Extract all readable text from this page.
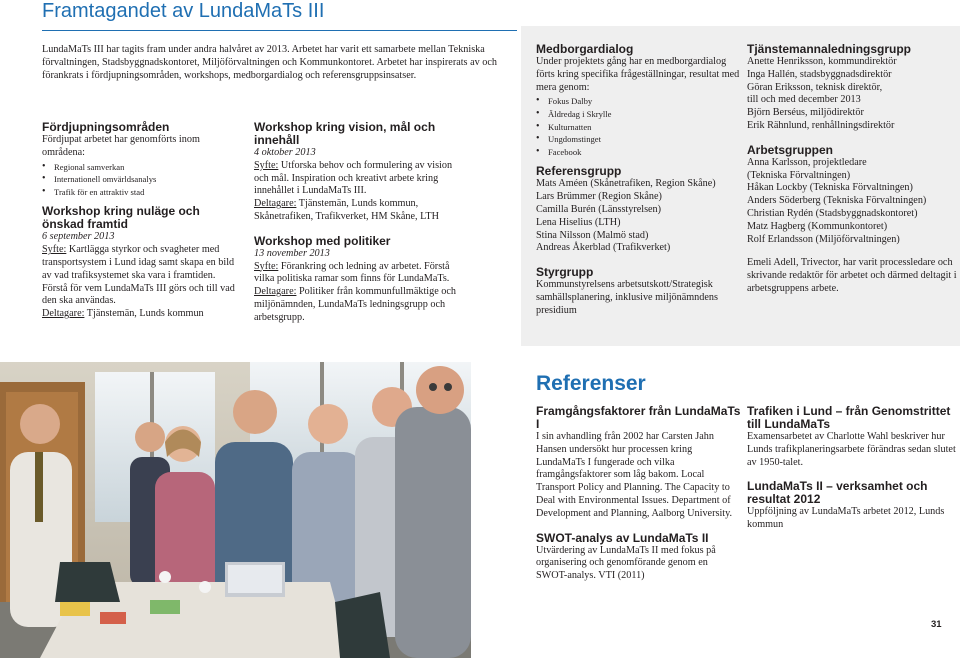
Framtagandet av LundaMaTs III

LundaMaTs III har tagits fram under andra halvåret av 2013. Arbetet har varit ett samarbete mellan Tekniska förvaltningen, Stadsbyggnadskontoret, Miljöförvaltningen och Kommunkontoret. Arbetet har inspirerats av och förankrats i fördjupningsområden, workshops, medborgardialog och referensgruppsinsatser.

Fördjupningsområden

Fördjupat arbetet har genomförts inom områdena:

• Regional samverkan
• Internationell omvärldsanalys
• Trafik för en attraktiv stad
Workshop kring nuläge och önskad framtid

6 september 2013

Syfte: Kartlägga styrkor och svagheter med transportsystem i Lund idag samt skapa en bild av vad trafiksystemet ska vara i framtiden. Förstå för vem LundaMaTs III görs och till vad den ska användas.

Deltagare: Tjänstemän, Lunds kommun

Workshop kring vision, mål och innehåll

4 oktober 2013

Syfte: Utforska behov och formulering av vision och mål. Inspiration och kreativt arbete kring innehållet i LundaMaTs III.

Deltagare: Tjänstemän, Lunds kommun, Skånetrafiken, Trafikverket, HM Skåne, LTH

Workshop med politiker

13 november 2013

Syfte: Förankring och ledning av arbetet. Förstå vilka politiska ramar som finns för LundaMaTs.

Deltagare: Politiker från kommunfullmäktige och miljönämnden, LundaMaTs ledningsgrupp och arbetsgrupp.

Medborgardialog

Under projektets gång har en medborgardialog förts kring specifika frågeställningar, resultat med mera genom:

• Fokus Dalby
• Äldredag i Skrylle
• Kulturnatten
• Ungdomstinget
• Facebook
Referensgrupp

Mats Améen (Skånetrafiken, Region Skåne)

Lars Brümmer (Region Skåne)

Camilla Burén (Länsstyrelsen)

Lena Hiselius (LTH)

Stina Nilsson (Malmö stad)

Andreas Åkerblad (Trafikverket)

Styrgrupp

Kommunstyrelsens arbetsutskott/Strategisk samhällsplanering, inklusive miljönämndens presidium

Tjänstemannaledningsgrupp

Anette Henriksson, kommundirektör

Inga Hallén, stadsbyggnadsdirektör

Göran Eriksson, teknisk direktör,

till och med december 2013

Björn Berséus, miljödirektör

Erik Rähnlund, renhållningsdirektör

Arbetsgruppen

Anna Karlsson, projektledare

(Tekniska Förvaltningen)

Håkan Lockby (Tekniska Förvaltningen)

Anders Söderberg (Tekniska Förvaltningen)

Christian Rydén (Stadsbyggnadskontoret)

Matz Hagberg (Kommunkontoret)

Rolf Erlandsson (Miljöförvaltningen)

Emeli Adell, Trivector, har varit processledare och skrivande redaktör för arbetet och därmed deltagit i arbetsgruppens arbete.

Referenser
Framgångsfaktorer från LundaMaTs I

I sin avhandling från 2002 har Carsten Jahn Hansen undersökt hur processen kring LundaMaTs I fungerade och vilka framgångsfaktorer som låg bakom. Local Transport Policy and Planning. The Capacity to Deal with Environmental Issues. Department of Development and Planning, Aalborg University.

SWOT-analys av LundaMaTs II

Utvärdering av LundaMaTs II med fokus på organisering och genomförande genom en SWOT-analys. VTI (2011)

Trafiken i Lund – från Genomstrittet till LundaMaTs

Examensarbetet av Charlotte Wahl beskriver hur Lunds trafikplaneringsarbete förändras sedan slutet av 1950-talet.

LundaMaTs II – verksamhet och resultat 2012

Uppföljning av LundaMaTs arbetet 2012, Lunds kommun

31
